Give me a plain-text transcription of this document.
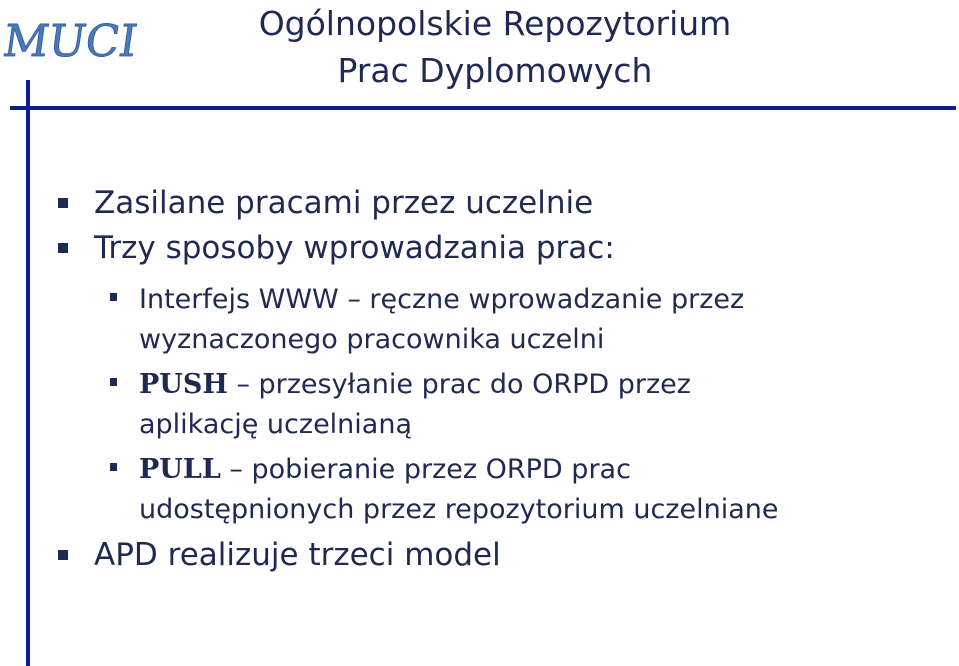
MUCI	Ogólnopolskie Repozytorium
Prac Dyplomowych
Zasilane pracami przez uczelnie
Trzy sposoby wprowadzania prac:
Interfejs WWW – ręczne wprowadzanie przez
wyznaczonego pracownika uczelni
PUSH – przesyłanie prac do ORPD przez
aplikację uczelnianą
PULL – pobieranie przez ORPD prac
udostępnionych przez repozytorium uczelniane
APD realizuje trzeci model
